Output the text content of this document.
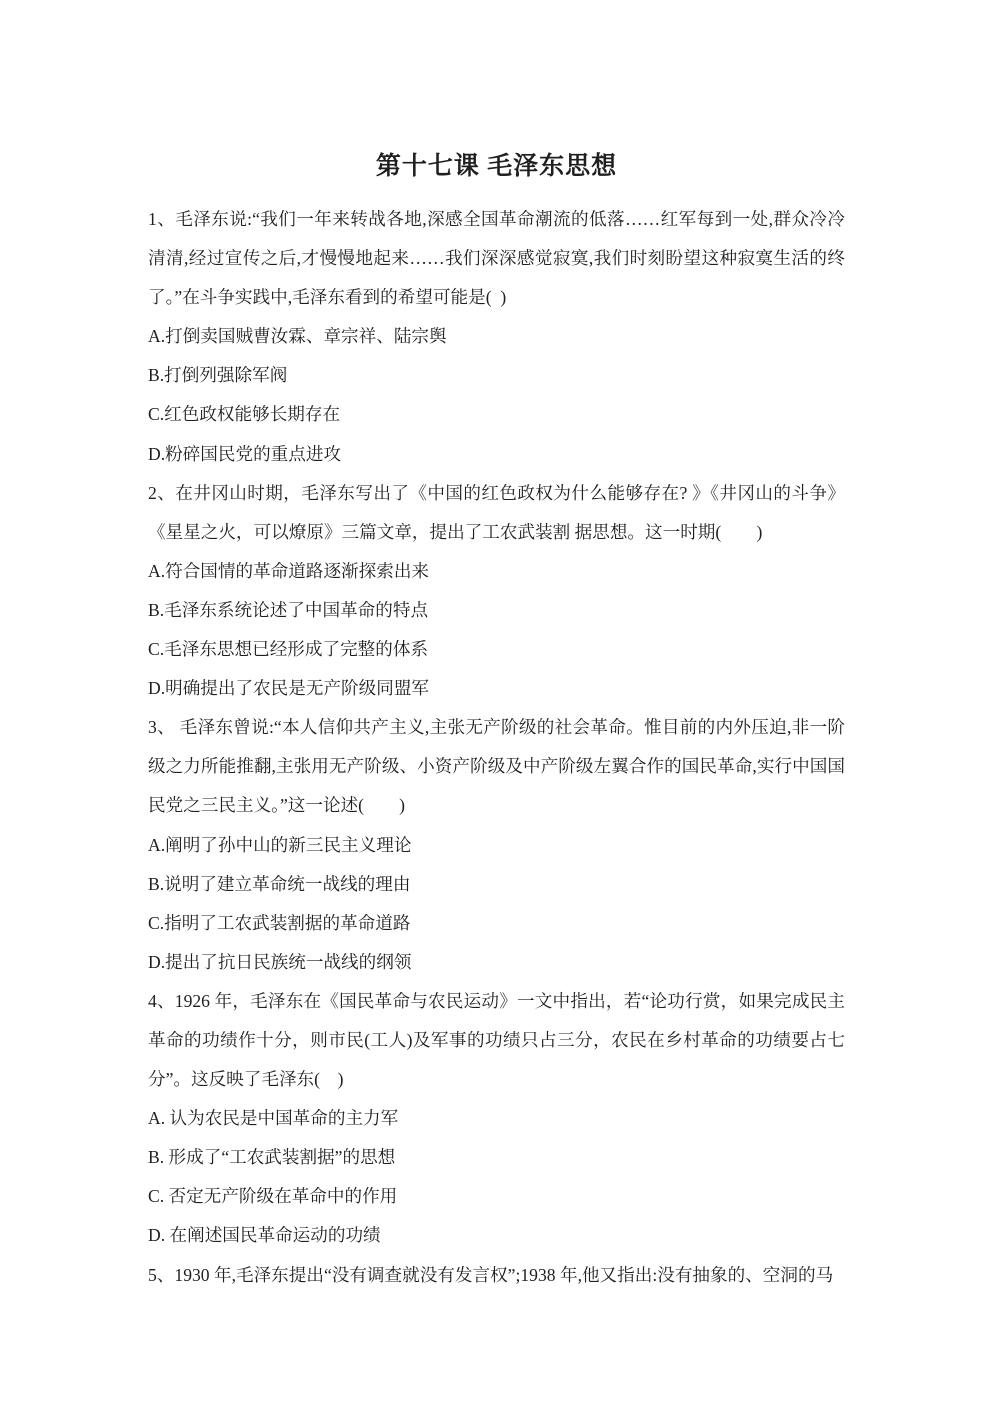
第十七课 毛泽东思想

1、毛泽东说:“我们一年来转战各地,深感全国革命潮流的低落……红军每到一处,群众冷冷清清,经过宣传之后,才慢慢地起来……我们深深感觉寂寞,我们时刻盼望这种寂寞生活的终了。”在斗争实践中,毛泽东看到的希望可能是( )

A.打倒卖国贼曹汝霖、章宗祥、陆宗舆

B.打倒列强除军阀

C.红色政权能够长期存在

D.粉碎国民党的重点进攻

2、在井冈山时期，毛泽东写出了《中国的红色政权为什么能够存在? 》《井冈山的斗争》《星星之火，可以燎原》三篇文章，提出了工农武装割 据思想。这一时期(　　)

A.符合国情的革命道路逐渐探索出来

B.毛泽东系统论述了中国革命的特点

C.毛泽东思想已经形成了完整的体系

D.明确提出了农民是无产阶级同盟军

3、 毛泽东曾说:“本人信仰共产主义,主张无产阶级的社会革命。惟目前的内外压迫,非一阶级之力所能推翻,主张用无产阶级、小资产阶级及中产阶级左翼合作的国民革命,实行中国国民党之三民主义。”这一论述(　　)

A.阐明了孙中山的新三民主义理论

B.说明了建立革命统一战线的理由

C.指明了工农武装割据的革命道路

D.提出了抗日民族统一战线的纲领

4、1926 年，毛泽东在《国民革命与农民运动》一文中指出，若“论功行赏，如果完成民主革命的功绩作十分，则市民(工人)及军事的功绩只占三分，农民在乡村革命的功绩要占七分”。这反映了毛泽东(　)

A. 认为农民是中国革命的主力军

B. 形成了“工农武装割据”的思想

C. 否定无产阶级在革命中的作用

D. 在阐述国民革命运动的功绩

5、1930 年,毛泽东提出“没有调查就没有发言权”;1938 年,他又指出:没有抽象的、空洞的马
